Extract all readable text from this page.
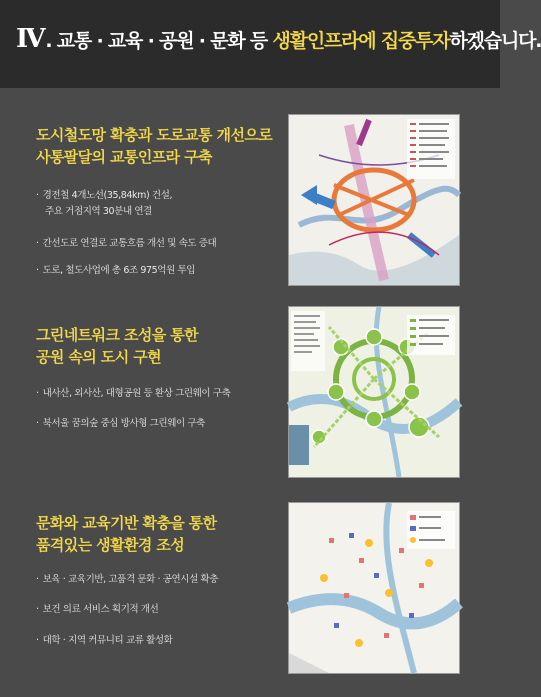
Ⅳ. 교통 · 교육 · 공원 · 문화 등 생활인프라에 집중투자하겠습니다.
도시철도망 확충과 도로교통 개선으로
사통팔달의 교통인프라 구축
· 경전철 4개노선(35,84km) 건설,
주요 거점지역 30분내 연결
· 간선도로 연결로 교통흐름 개선 및 속도 증대
· 도로, 철도사업에 총 6조 975억원 투입
그린네트워크 조성을 통한
공원 속의 도시 구현
· 내사산, 외사산, 대형공원 등 환상 그린웨이 구축
· 북서울 꿈의숲 중심 방사형 그린웨이 구축
문화와 교육기반 확충을 통한
품격있는 생활환경 조성
· 보육 · 교육기반, 고품격 문화 · 공연시설 확충
· 보건 의료 서비스 획기적 개선
· 대학 · 지역 커뮤니티 교류 활성화
